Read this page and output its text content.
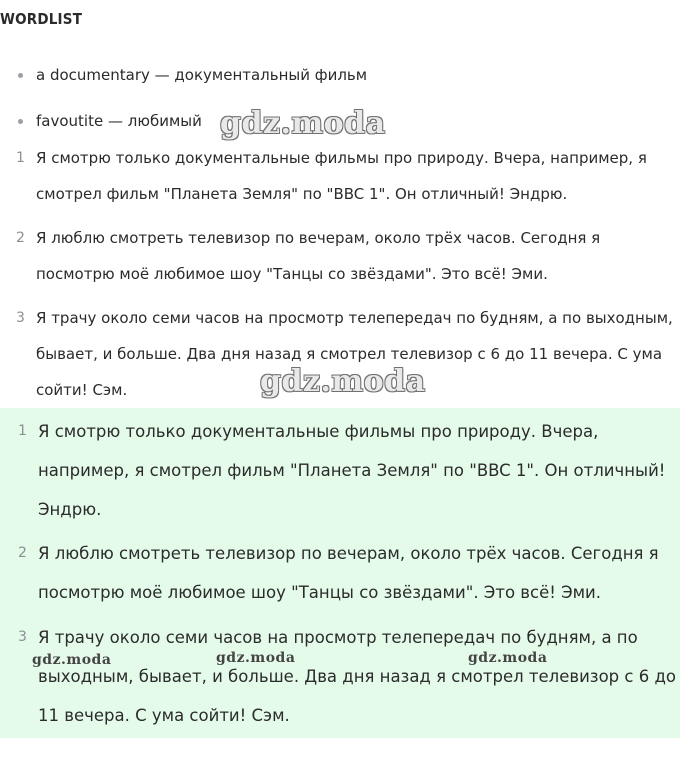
WORDLIST
a documentary — документальный фильм
favoutite — любимый
1 Я смотрю только документальные фильмы про природу. Вчера, например, я смотрел фильм "Планета Земля" по "BBC 1". Он отличный! Эндрю.
2 Я люблю смотреть телевизор по вечерам, около трёх часов. Сегодня я посмотрю моё любимое шоу "Танцы со звёздами". Это всё! Эми.
3 Я трачу около семи часов на просмотр телепередач по будням, а по выходным, бывает, и больше. Два дня назад я смотрел телевизор с 6 до 11 вечера. С ума сойти! Сэм.
1 Я смотрю только документальные фильмы про природу. Вчера, например, я смотрел фильм "Планета Земля" по "BBC 1". Он отличный! Эндрю.
2 Я люблю смотреть телевизор по вечерам, около трёх часов. Сегодня я посмотрю моё любимое шоу "Танцы со звёздами". Это всё! Эми.
3 Я трачу около семи часов на просмотр телепередач по будням, а по выходным, бывает, и больше. Два дня назад я смотрел телевизор с 6 до 11 вечера. С ума сойти! Сэм.
gdz.moda
gdz.moda
gdz.moda	gdz.moda	gdz.moda
